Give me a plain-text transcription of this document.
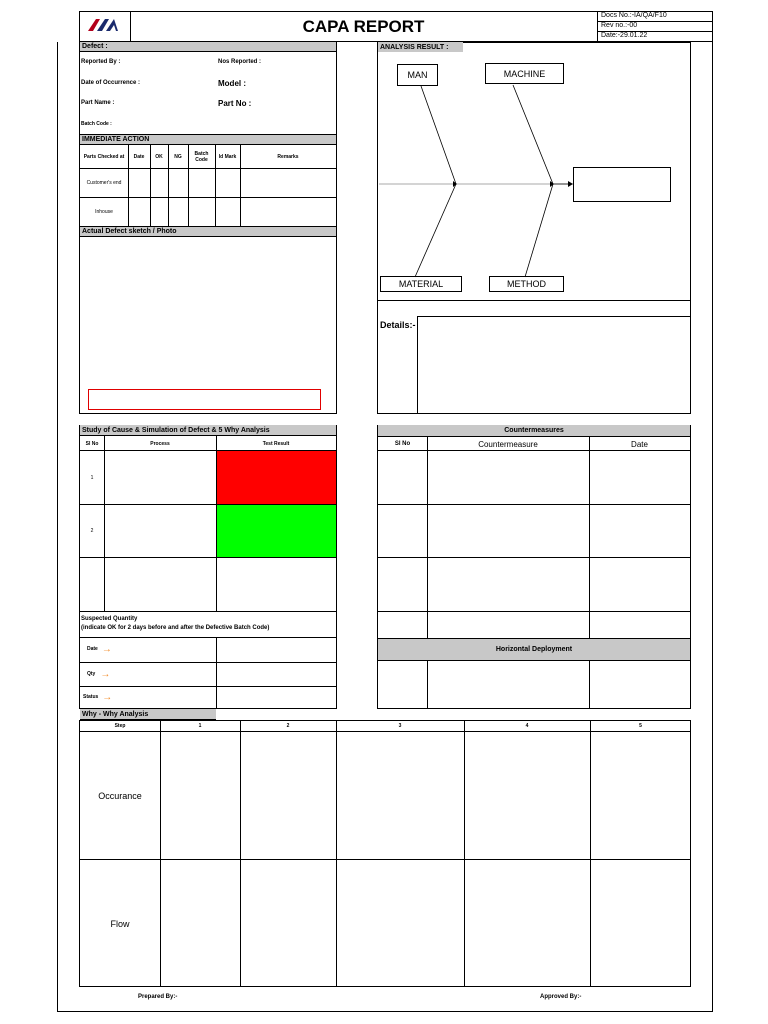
CAPA REPORT
Docs No.:-IA/QA/F10
Rev no.:-00
Date:-29.01.22
Defect :
Reported By :	Nos Reported :
Date of Occurrence :	Model :
Part Name :	Part No :
Batch Code :
IMMEDIATE ACTION
Parts Checked at	Date	OK	NG	Batch Code	Id Mark	Remarks
Customer's end
Inhouse
Actual Defect sketch / Photo
ANALYSIS RESULT :
MAN	MACHINE
MATERIAL	METHOD
Details:-
Study of Cause & Simulation of Defect & 5 Why Analysis
Sl No	Process	Test Result
1
2
Suspected Quantity
(indicate OK for 2 days before and after the Defective Batch Code)
Date →
Qty →
Status →
Countermeasures
Sl No	Countermeasure	Date
Horizontal Deployment
Why - Why Analysis
Step	1	2	3	4	5
Occurance
Flow
Prepared By:-	Approved By:-
